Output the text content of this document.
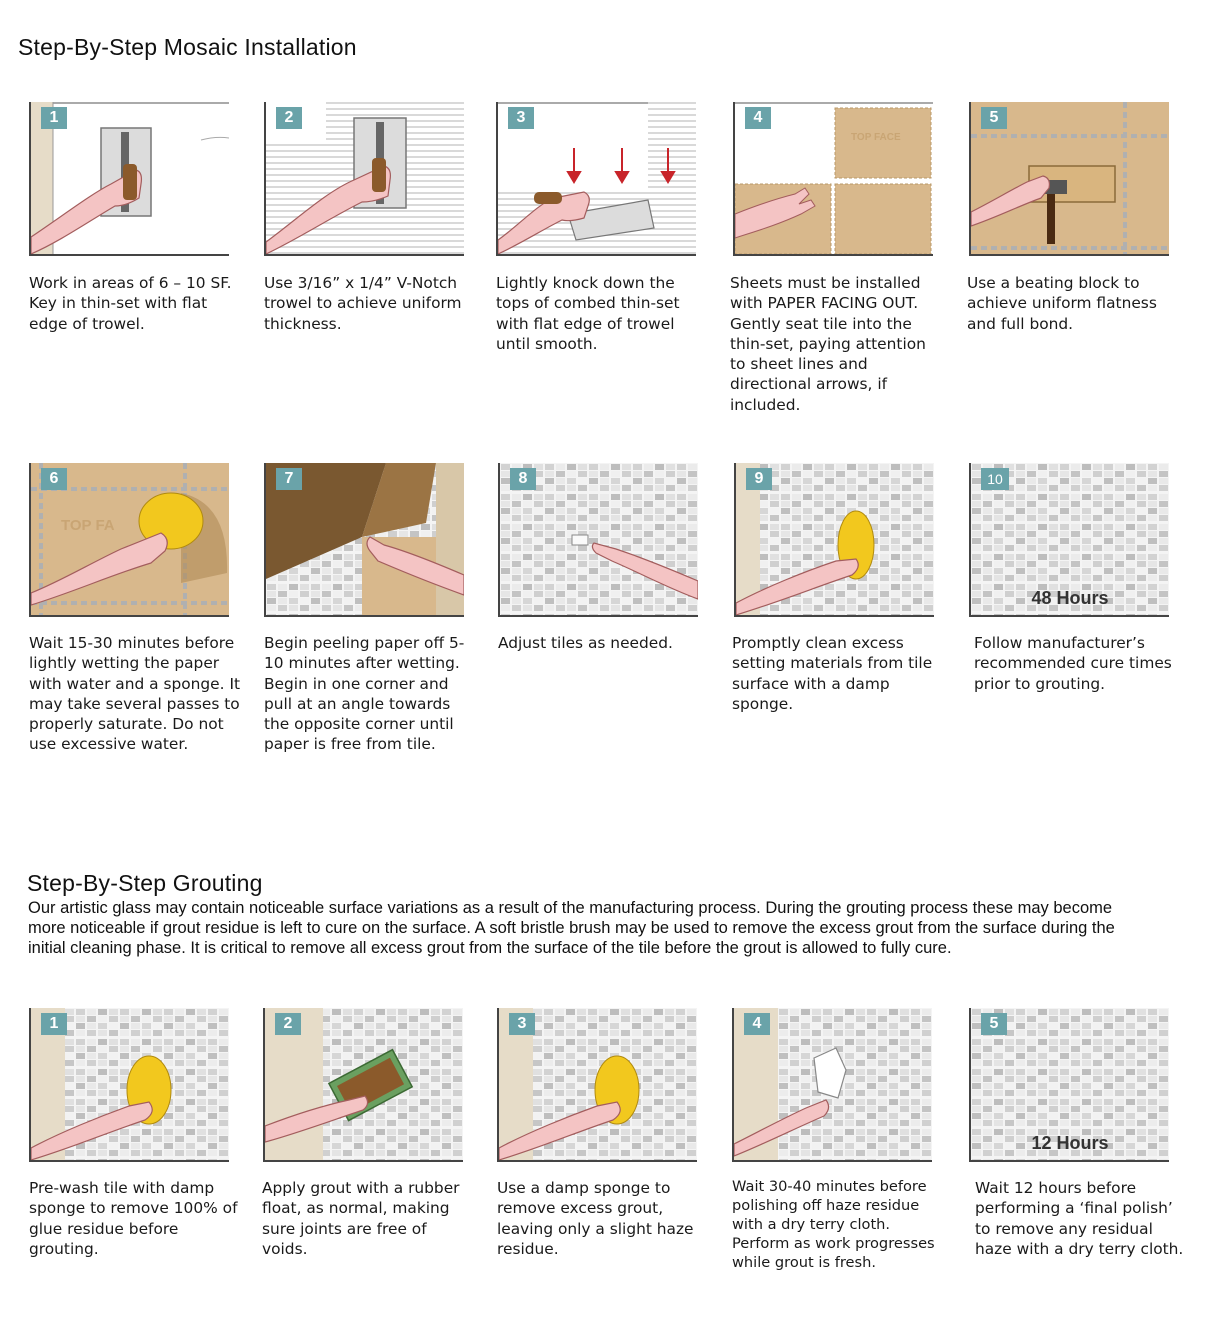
Step-By-Step Mosaic Installation
1

Work in areas of 6 – 10 SF. Key in thin-set with flat edge of trowel.

2

Use 3/16” x 1/4” V-Notch trowel to achieve uniform thickness.

3

Lightly knock down the tops of combed thin-set with flat edge of trowel until smooth.

4
TOP FACE

Sheets must be installed with PAPER FACING OUT. Gently seat tile into the thin-set, paying attention to sheet lines and directional arrows, if included.

5

Use a beating block to achieve uniform flatness and full bond.

6
TOP FA

Wait 15-30 minutes before lightly wetting the paper with water and a sponge. It may take several passes to properly saturate. Do not use excessive water.

7

Begin peeling paper off 5-10 minutes after wetting. Begin in one corner and pull at an angle towards the opposite corner until paper is free from tile.

8

Adjust tiles as needed.

9

Promptly clean excess setting materials from tile surface with a damp sponge.

10
48 Hours

Follow manufacturer’s recommended cure times prior to grouting.

Step-By-Step Grouting

Our artistic glass may contain noticeable surface variations as a result of the manufacturing process. During the grouting process these may become more noticeable if grout residue is left to cure on the surface. A soft bristle brush may be used to remove the excess grout from the surface during the initial cleaning phase. It is critical to remove all excess grout from the surface of the tile before the grout is allowed to fully cure.

1

Pre-wash tile with damp sponge to remove 100% of glue residue before grouting.

2

Apply grout with a rubber float, as normal, making sure joints are free of voids.

3

Use a damp sponge to remove excess grout, leaving only a slight haze residue.

4

Wait 30-40 minutes before polishing off haze residue with a dry terry cloth. Perform as work progresses while grout is fresh.

5
12 Hours

Wait 12 hours before performing a ‘final polish’ to remove any residual haze with a dry terry cloth.
